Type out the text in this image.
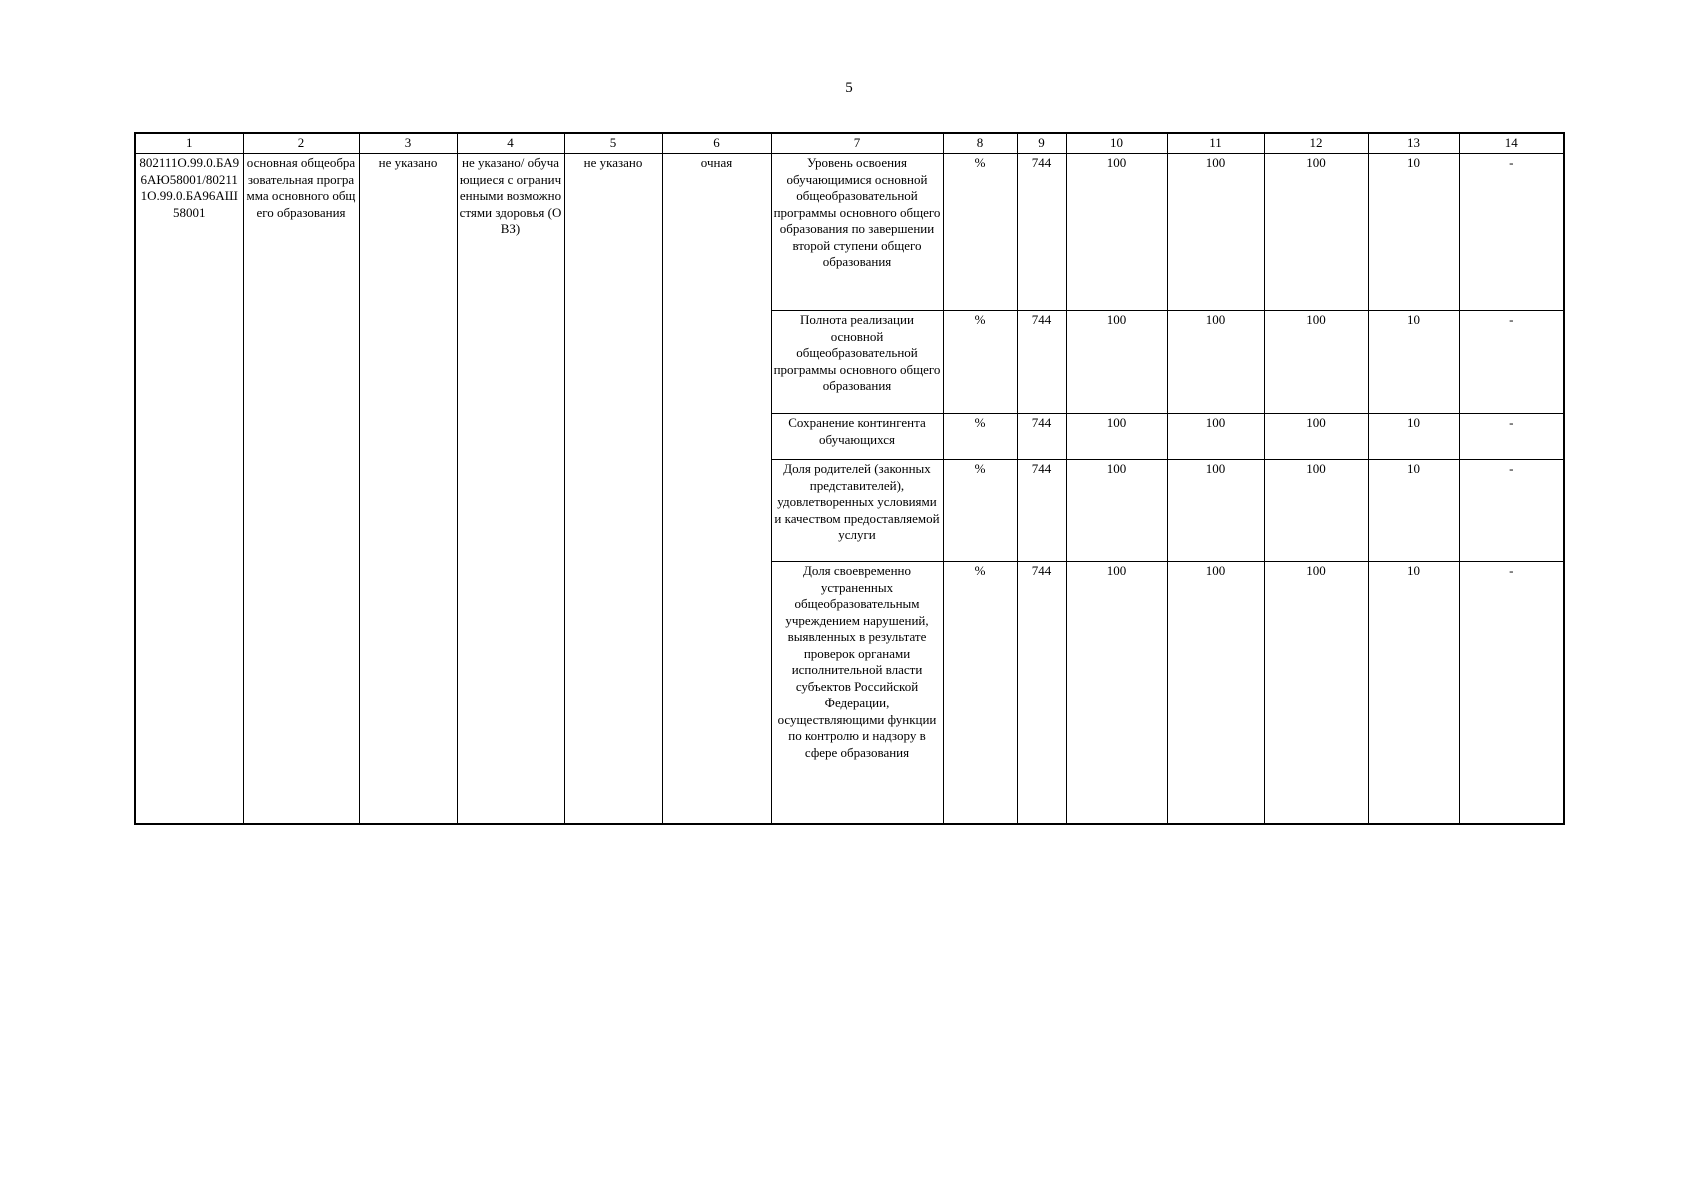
5
1	2	3	4	5	6	7	8	9	10	11	12	13	14
802111О.99.0.БА96АЮ58001/802111О.99.0.БА96АШ58001	основная общеобразовательная программа основного общего образования	не указано	не указано/ обучающиеся с ограниченными возможностями здоровья (ОВЗ)	не указано	очная	Уровень освоения обучающимися основной общеобразовательной программы основного общего образования по завершении второй ступени общего образования	%	744	100	100	100	10	-
						Полнота реализации основной общеобразовательной программы основного общего образования	%	744	100	100	100	10	-
						Сохранение контингента обучающихся	%	744	100	100	100	10	-
						Доля родителей (законных представителей), удовлетворенных условиями и качеством предоставляемой услуги	%	744	100	100	100	10	-
						Доля своевременно устраненных общеобразовательным учреждением нарушений, выявленных в результате проверок органами исполнительной власти субъектов Российской Федерации, осуществляющими функции по контролю и надзору в сфере образования	%	744	100	100	100	10	-
